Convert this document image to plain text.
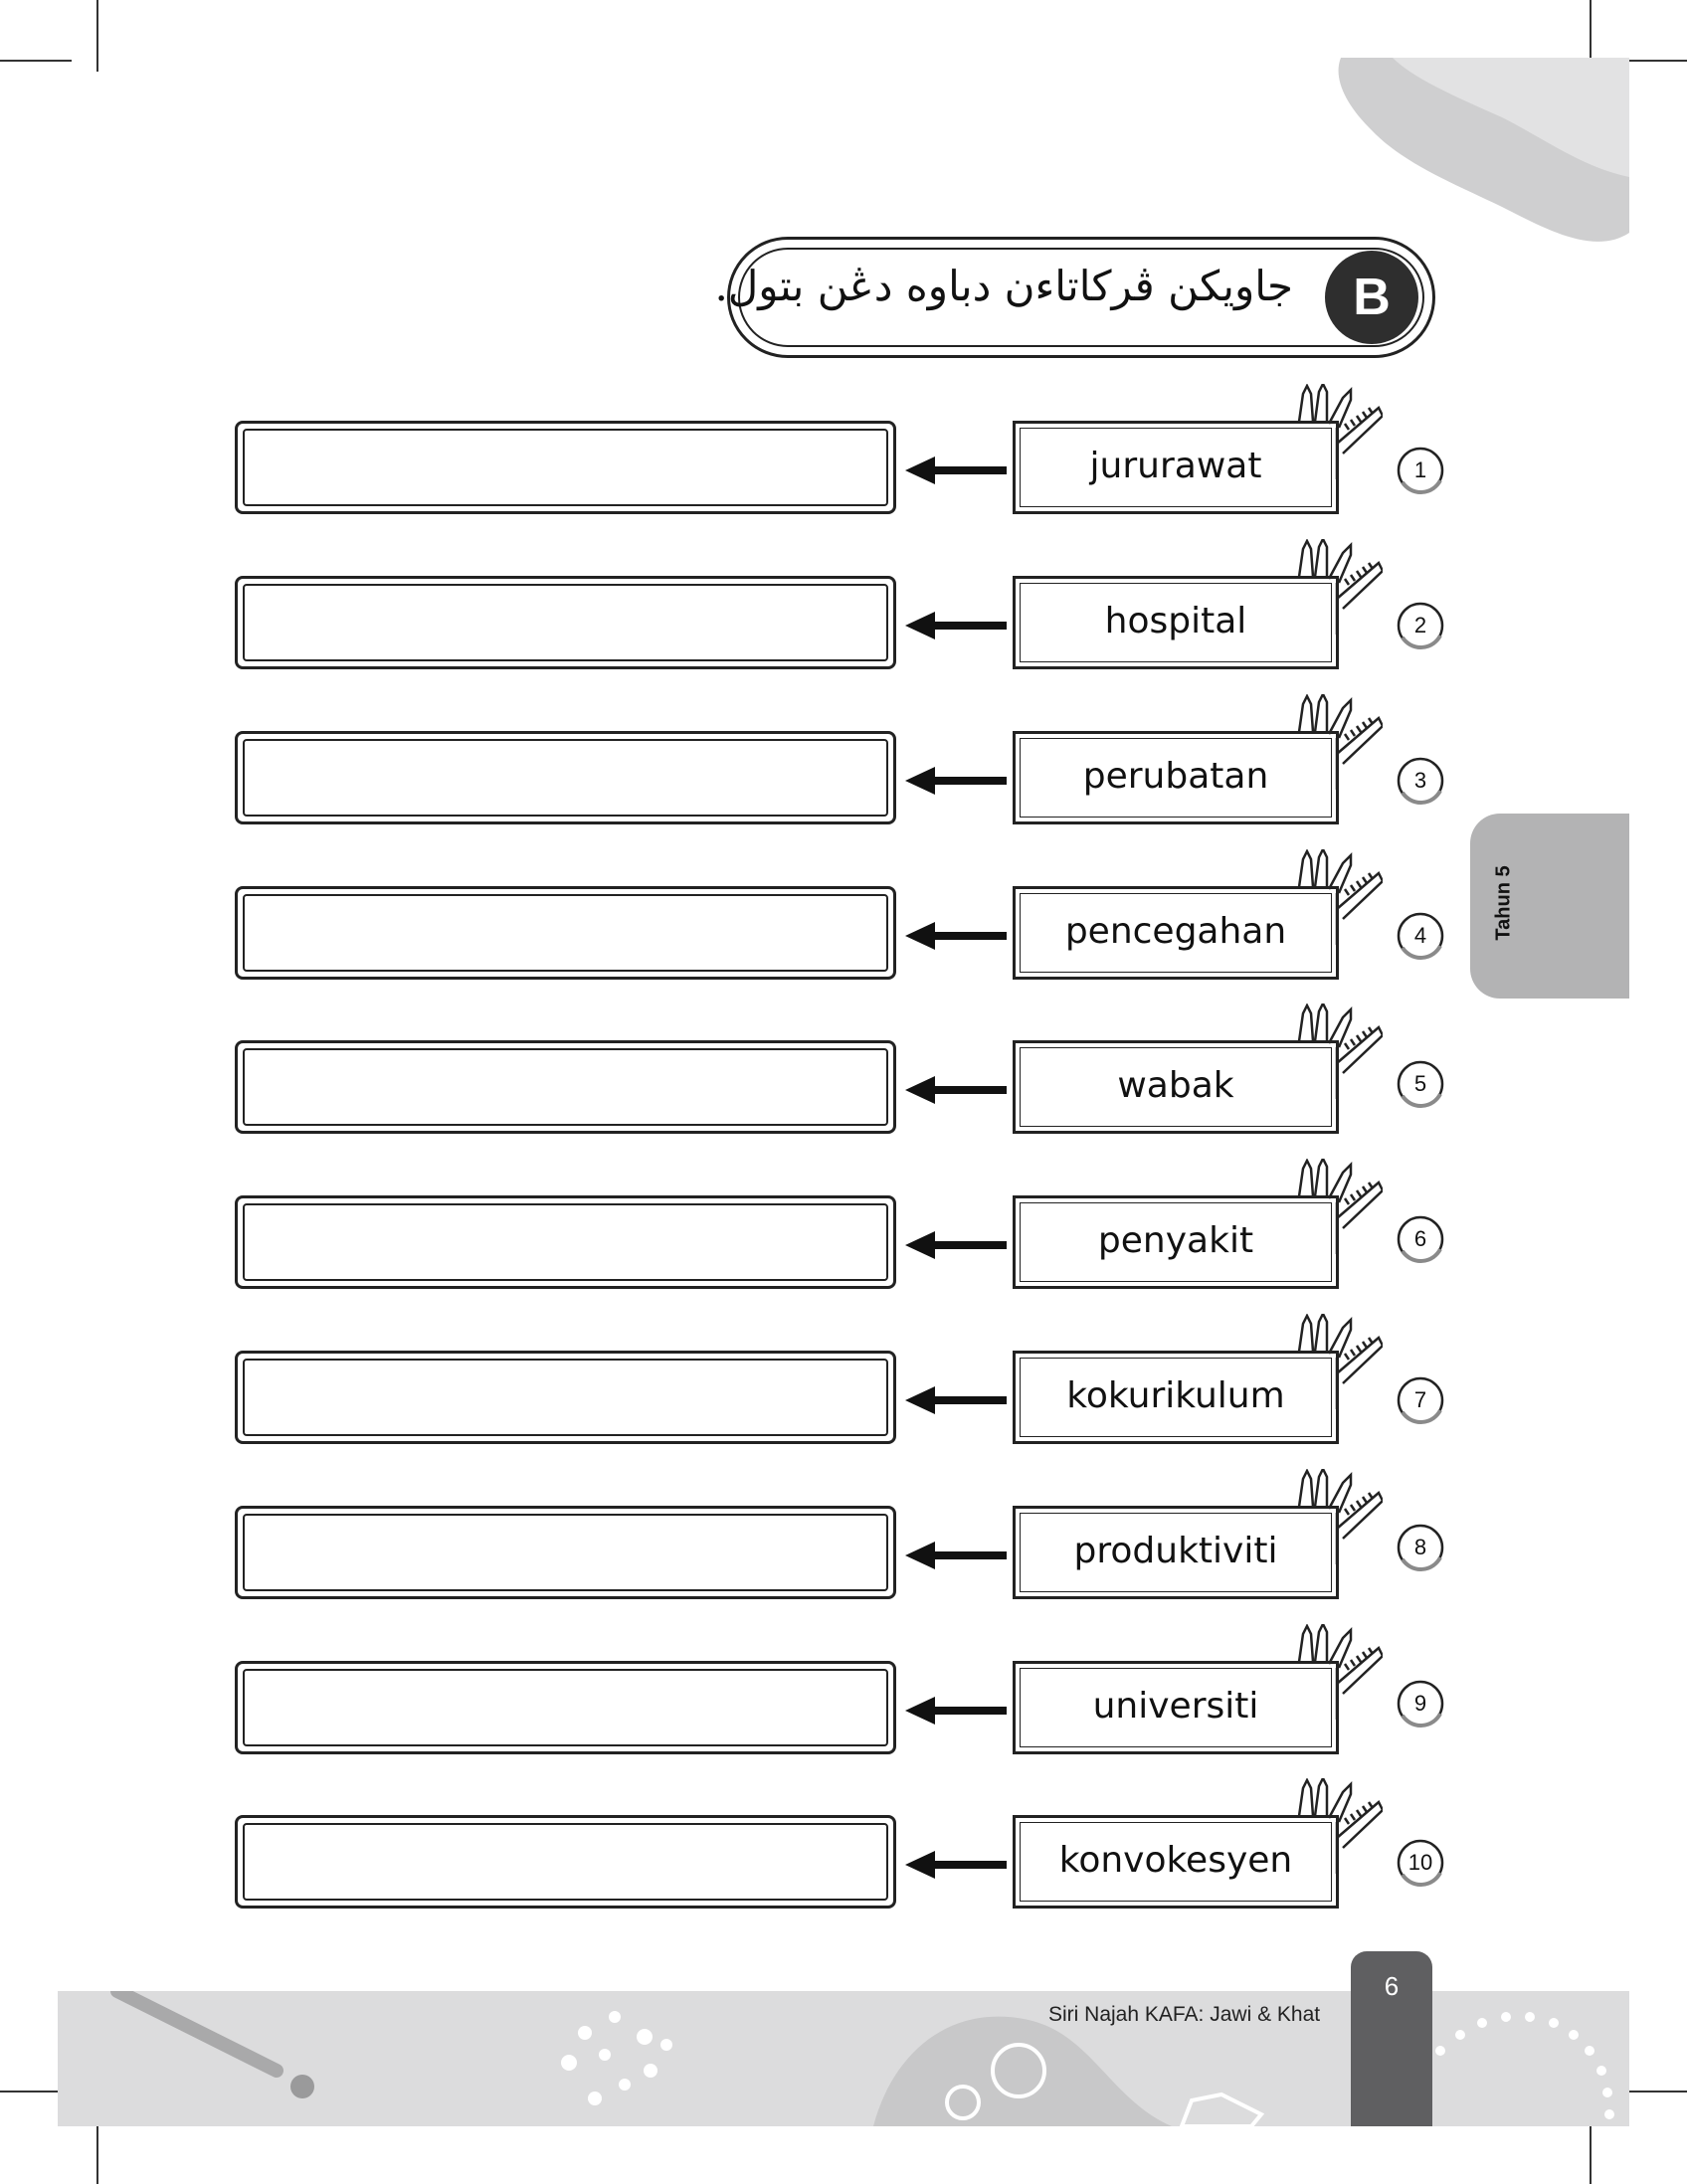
جاويکن ڤرکاتاءن دباوه دڠن بتول.	B
jururawat	1
hospital	2
perubatan	3
pencegahan	4
wabak	5
penyakit	6
kokurikulum	7
produktiviti	8
universiti	9
konvokesyen	10
Tahun 5
Siri Najah KAFA: Jawi & Khat
6
